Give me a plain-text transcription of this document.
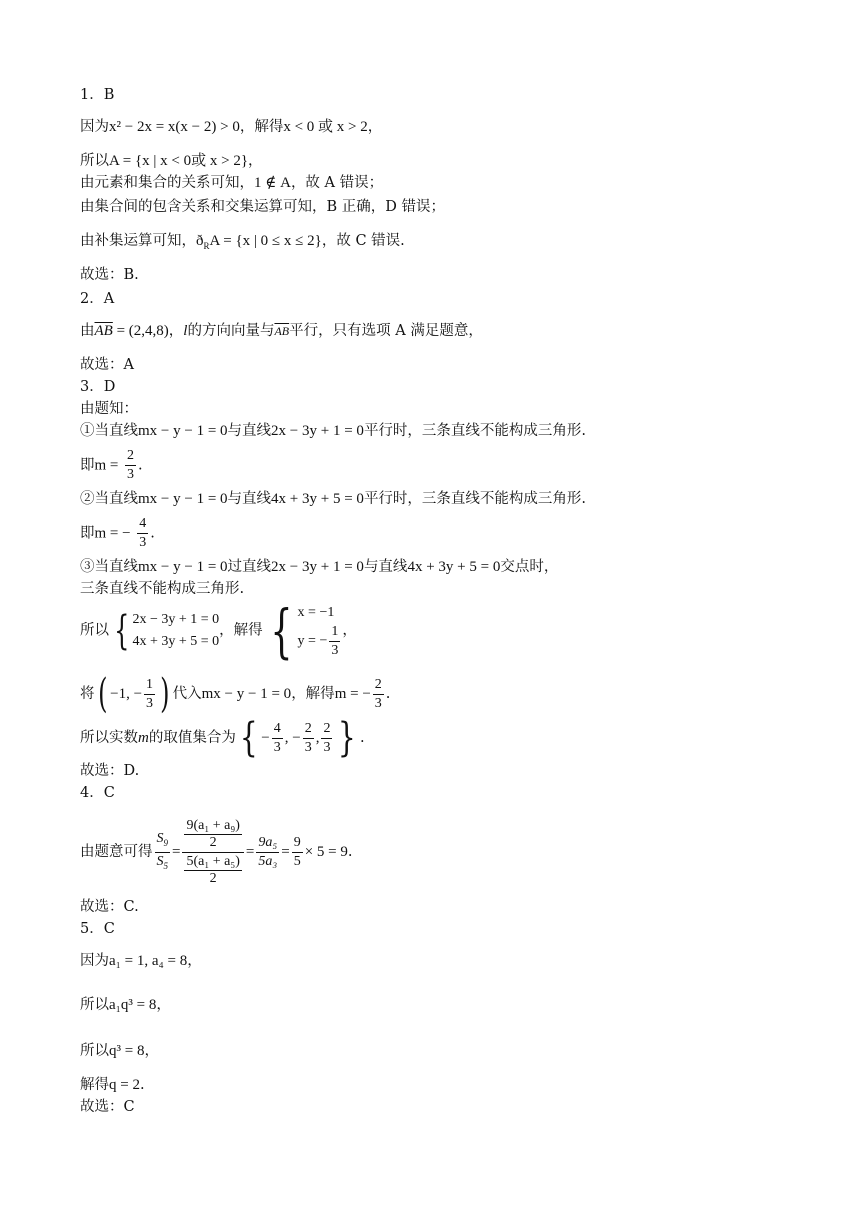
1．B
因为x² − 2x = x(x − 2) > 0，解得x < 0 或 x > 2，
所以A = {x | x < 0或 x > 2}，
由元素和集合的关系可知，1 ∉ A，故 A 错误；
由集合间的包含关系和交集运算可知，B 正确，D 错误；
由补集运算可知，$ð_RA = \{x$ | 0 ≤ x ≤ 2}，故 C 错误.
故选：B.
2．A
由$\overline{AB} = (2,4,8)$，l的方向向量与$\overline{AB}$平行，只有选项 A 满足题意，
故选：A
3．D
由题知：
①当直线mx − y − 1 = 0与直线2x − 3y + 1 = 0平行时，三条直线不能构成三角形.
即$m = \frac{2}{3}$ .
②当直线mx − y − 1 = 0与直线4x + 3y + 5 = 0平行时，三条直线不能构成三角形.
即m = − $\frac{4}{3}$ .
③当直线mx − y − 1 = 0过直线2x − 3y + 1 = 0与直线4x + 3y + 5 = 0交点时，
三条直线不能构成三角形.
所以 { 2x − 3y + 1 = 0
4x + 3y + 5 = 0
，解得 { x = −1
y = − $\frac{1}{3}$ ，
将( −1, − $\frac{1}{3}$ ) 代入mx − y − 1 = 0，解得m = − $\frac{2}{3}$ .
所以实数m的取值集合为{ − $\frac{4}{3}$ , − $\frac{2}{3}$ , $\frac{2}{3}$ } .
故选：D.
4．C
由题意可得 $\frac{S_9}{S_5} = 9(a_1 + a_9)$
2
5(a₁ + a₅)
$2 = \frac{\text{9a₅}}{\text{5a₃}} = \frac{9}{5} \times 5 = 9$ .
故选：C.
5．C
因为a₁ = 1, a₄ = 8，
所以a₁q³ = 8，
所以q³ = 8，
解得q = 2.
故选：C
